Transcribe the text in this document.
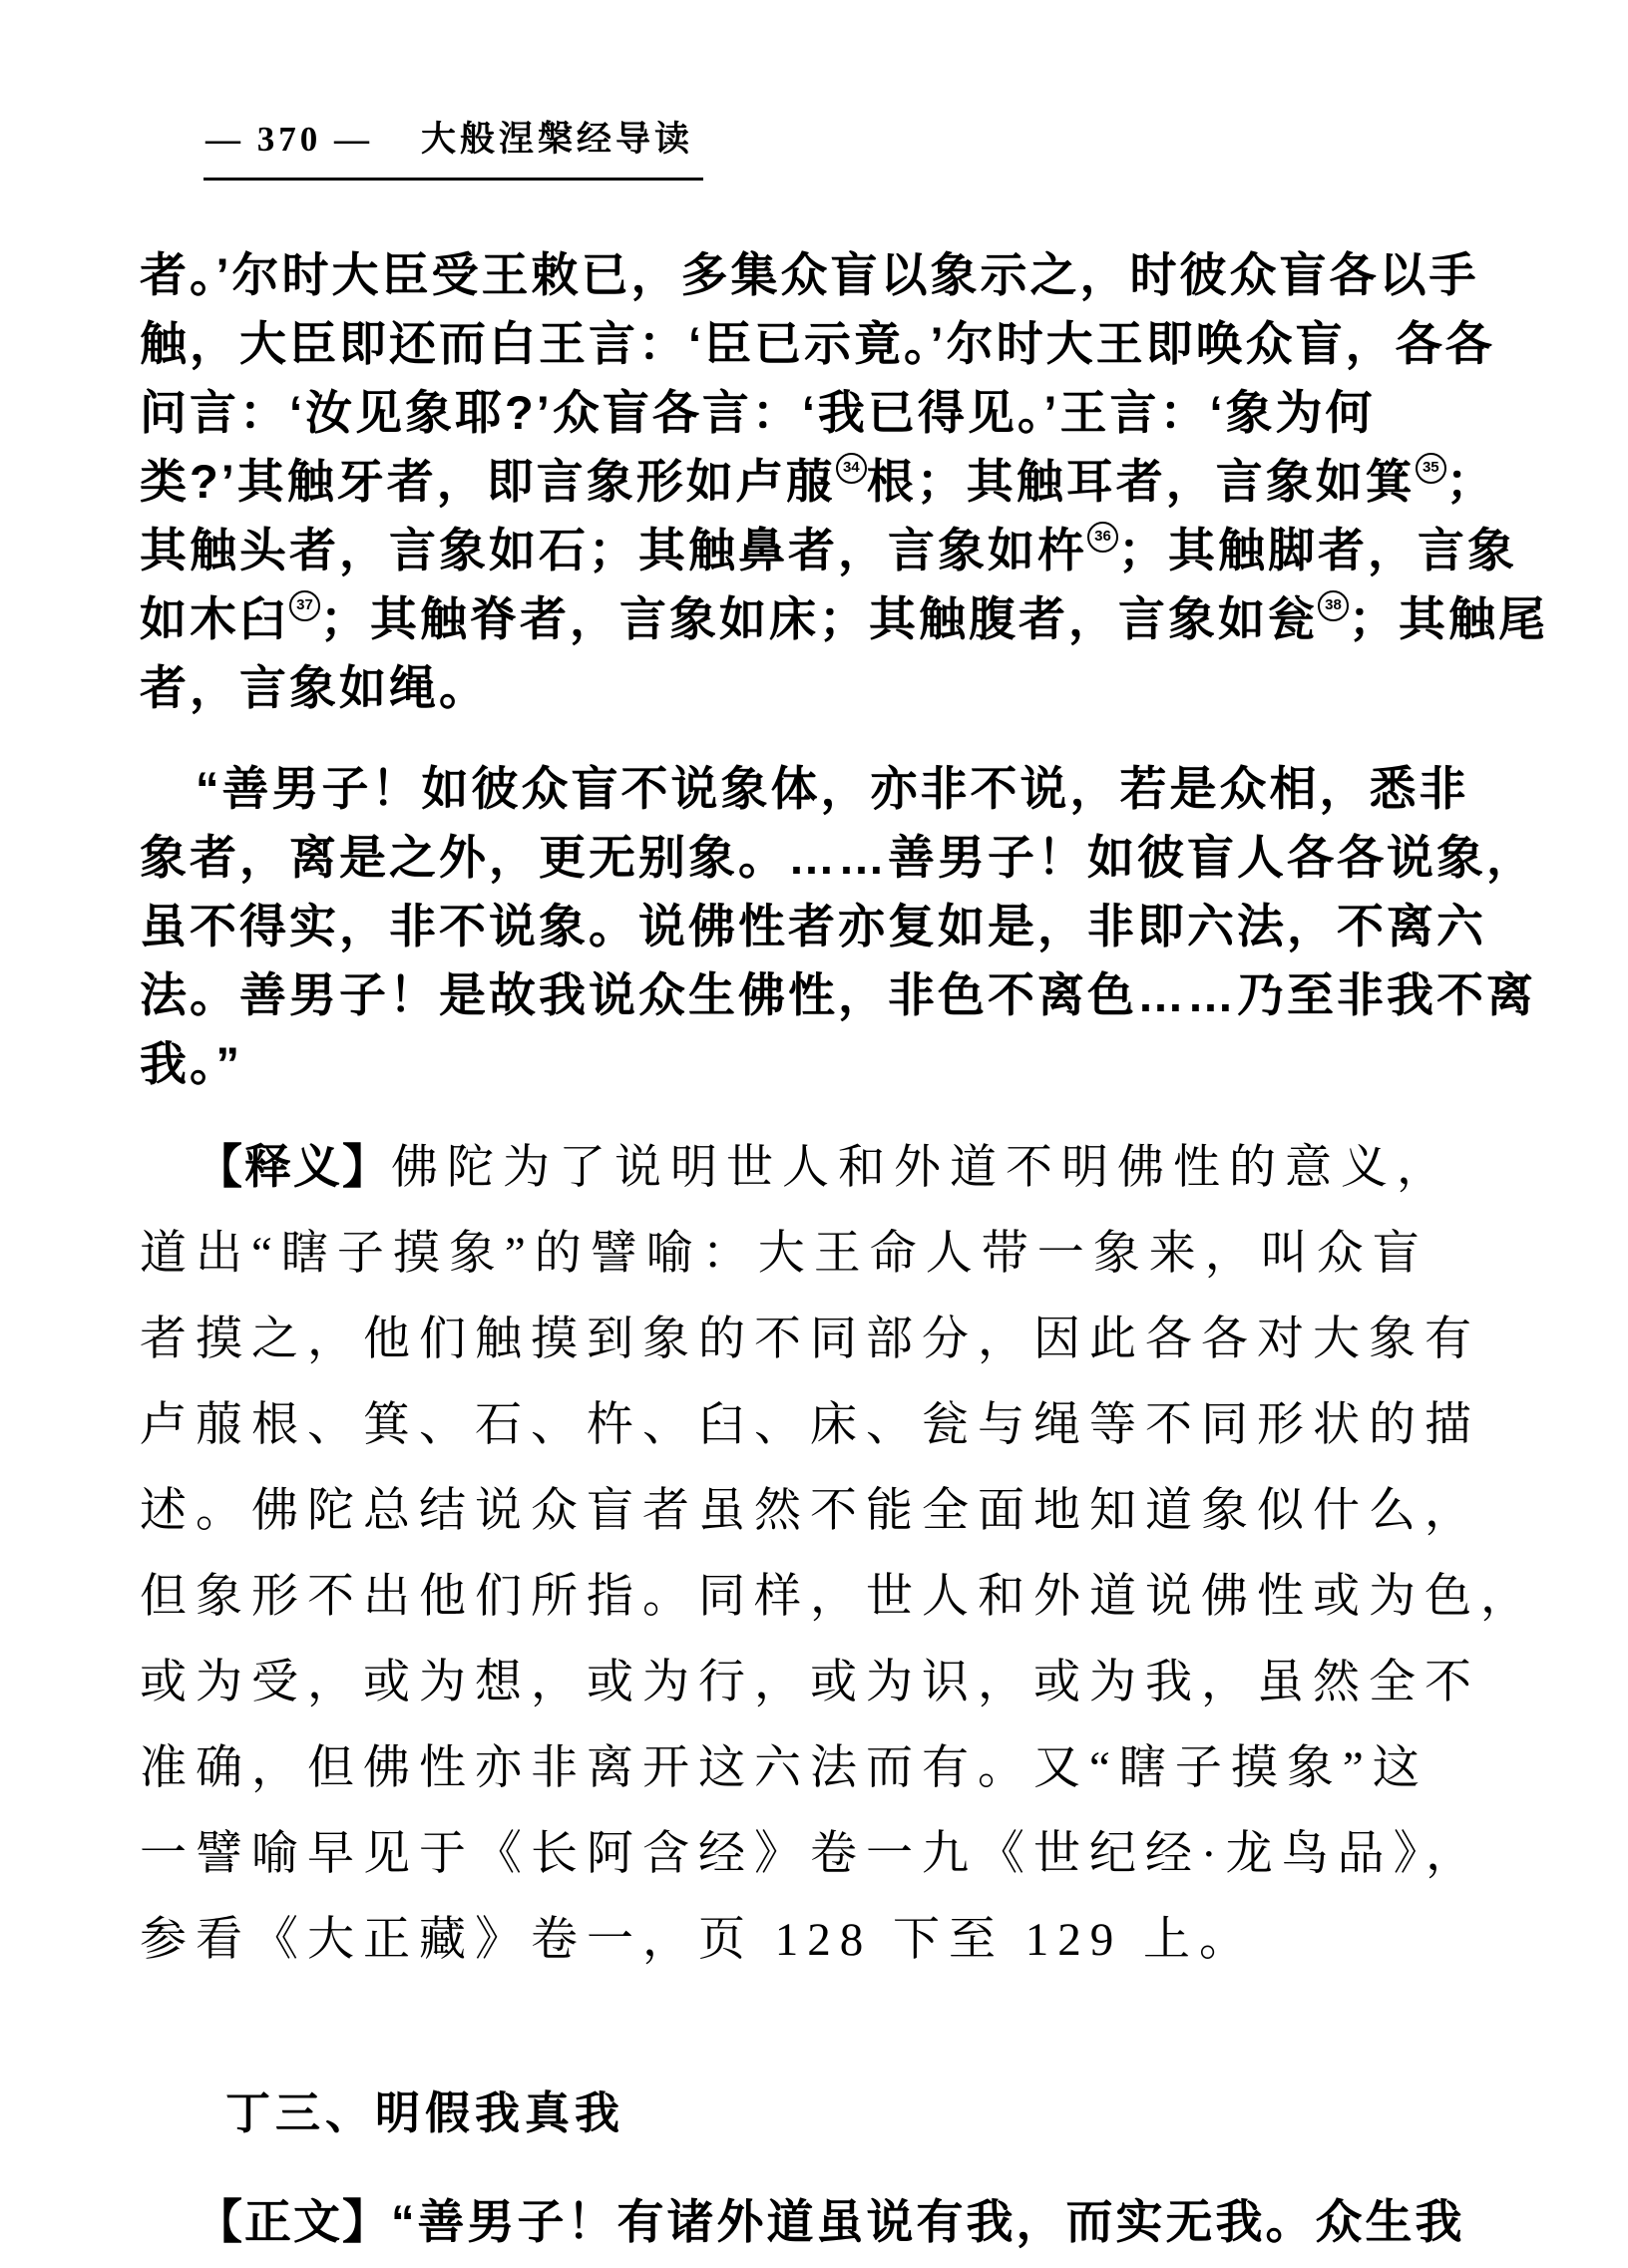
— 370 — 大般涅槃经导读
者。’尔时大臣受王敕已，多集众盲以象示之，时彼众盲各以手
触，大臣即还而白王言：‘臣已示竟。’尔时大王即唤众盲，各各
问言：‘汝见象耶?’众盲各言：‘我已得见。’王言：‘象为何
类?’其触牙者，即言象形如卢菔 $^{34}$ 根；其触耳者，言象如箕 $^{35}$ ；
其触头者，言象如石；其触鼻者，言象如杵 $^{36}$ ；其触脚者，言象
如木臼 $^{37}$ ；其触脊者，言象如床；其触腹者，言象如瓮 $^{38}$ ；其触尾
者，言象如绳。
“善男子！如彼众盲不说象体，亦非不说，若是众相，悉非
象者，离是之外，更无别象。……善男子！如彼盲人各各说象，
虽不得实，非不说象。说佛性者亦复如是，非即六法，不离六
法。善男子！是故我说众生佛性，非色不离色……乃至非我不离
我。”
【释义】佛陀为了说明世人和外道不明佛性的意义，
道出“瞎子摸象”的譬喻：大王命人带一象来，叫众盲
者摸之，他们触摸到象的不同部分，因此各各对大象有
卢菔根、箕、石、杵、臼、床、瓮与绳等不同形状的描
述。佛陀总结说众盲者虽然不能全面地知道象似什么，
但象形不出他们所指。同样，世人和外道说佛性或为色，
或为受，或为想，或为行，或为识，或为我，虽然全不
准确，但佛性亦非离开这六法而有。又“瞎子摸象”这
一譬喻早见于《长阿含经》卷一九《世纪经·龙鸟品》，
参看《大正藏》卷一，页 128 下至 129 上。
丁三、明假我真我
【正文】“善男子！有诸外道虽说有我，而实无我。众生我
